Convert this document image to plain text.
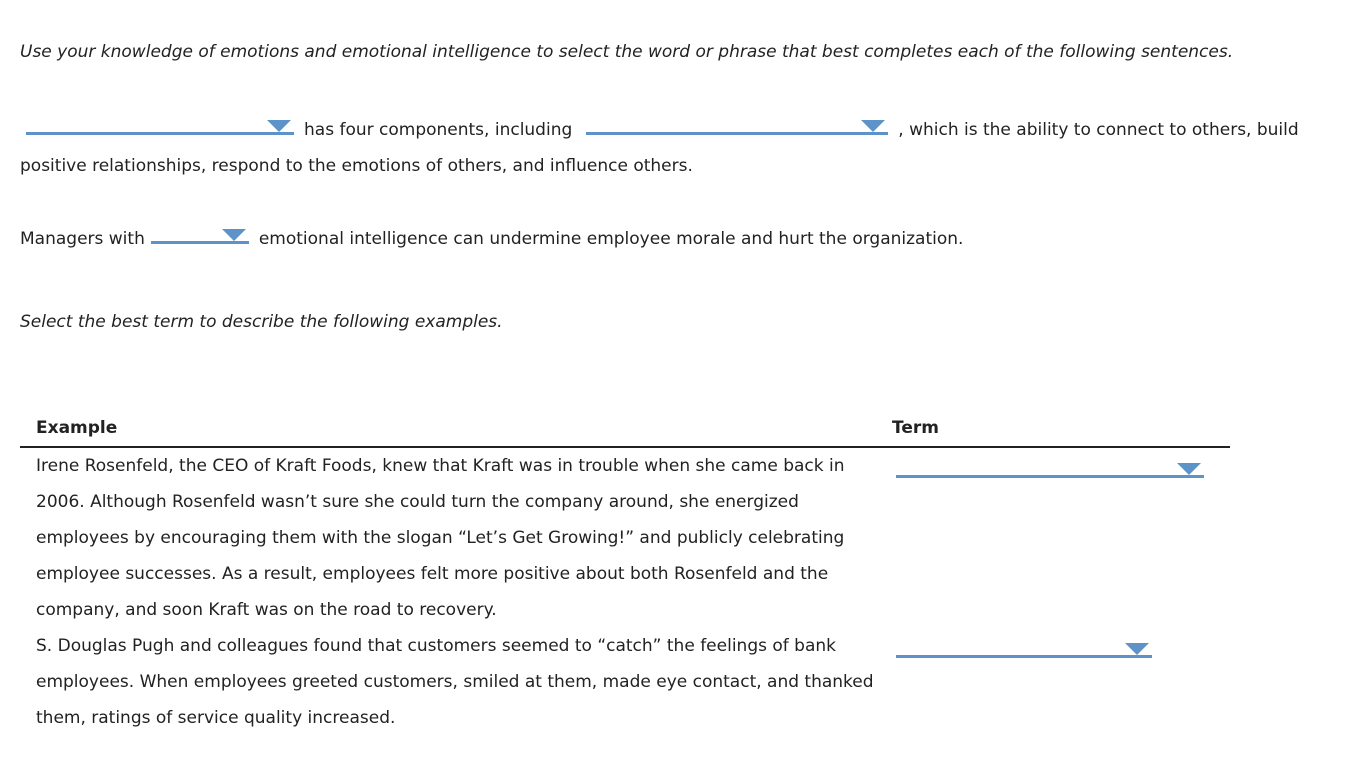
Use your knowledge of emotions and emotional intelligence to select the word or phrase that best completes each of the following sentences.
has four components, including	, which is the ability to connect to others, build
positive relationships, respond to the emotions of others, and influence others.
Managers with	emotional intelligence can undermine employee morale and hurt the organization.
Select the best term to describe the following examples.
Example	Term
Irene Rosenfeld, the CEO of Kraft Foods, knew that Kraft was in trouble when she came back in 2006. Although Rosenfeld wasn’t sure she could turn the company around, she energized employees by encouraging them with the slogan “Let’s Get Growing!” and publicly celebrating employee successes. As a result, employees felt more positive about both Rosenfeld and the company, and soon Kraft was on the road to recovery.
S. Douglas Pugh and colleagues found that customers seemed to “catch” the feelings of bank employees. When employees greeted customers, smiled at them, made eye contact, and thanked them, ratings of service quality increased.
